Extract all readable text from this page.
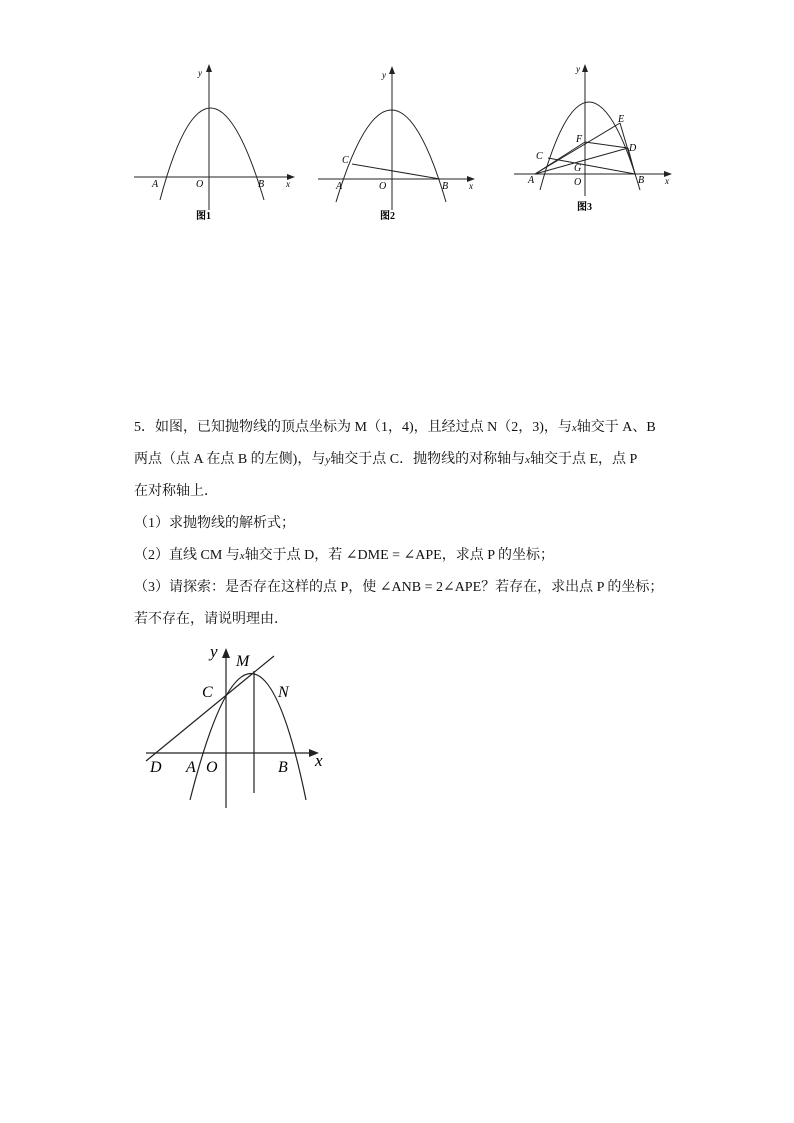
y
x
O
A	B
图1
y
x
O
A	B
C
图2
y
x
O
A	B
C
D
E
F
G
图3
5．如图，已知抛物线的顶点坐标为 M（1，4)，且经过点 N（2，3)，与x轴交于 A、B
两点（点 A 在点 B 的左侧)，与y轴交于点 C．抛物线的对称轴与x轴交于点 E，点 P
在对称轴上．
（1）求抛物线的解析式；
（2）直线 CM 与x轴交于点 D，若 ∠DME = ∠APE，求点 P 的坐标；
（3）请探索：是否存在这样的点 P，使 ∠ANB = 2∠APE？若存在，求出点 P 的坐标；
若不存在，请说明理由．
y
M
C	N
D A O	B x
